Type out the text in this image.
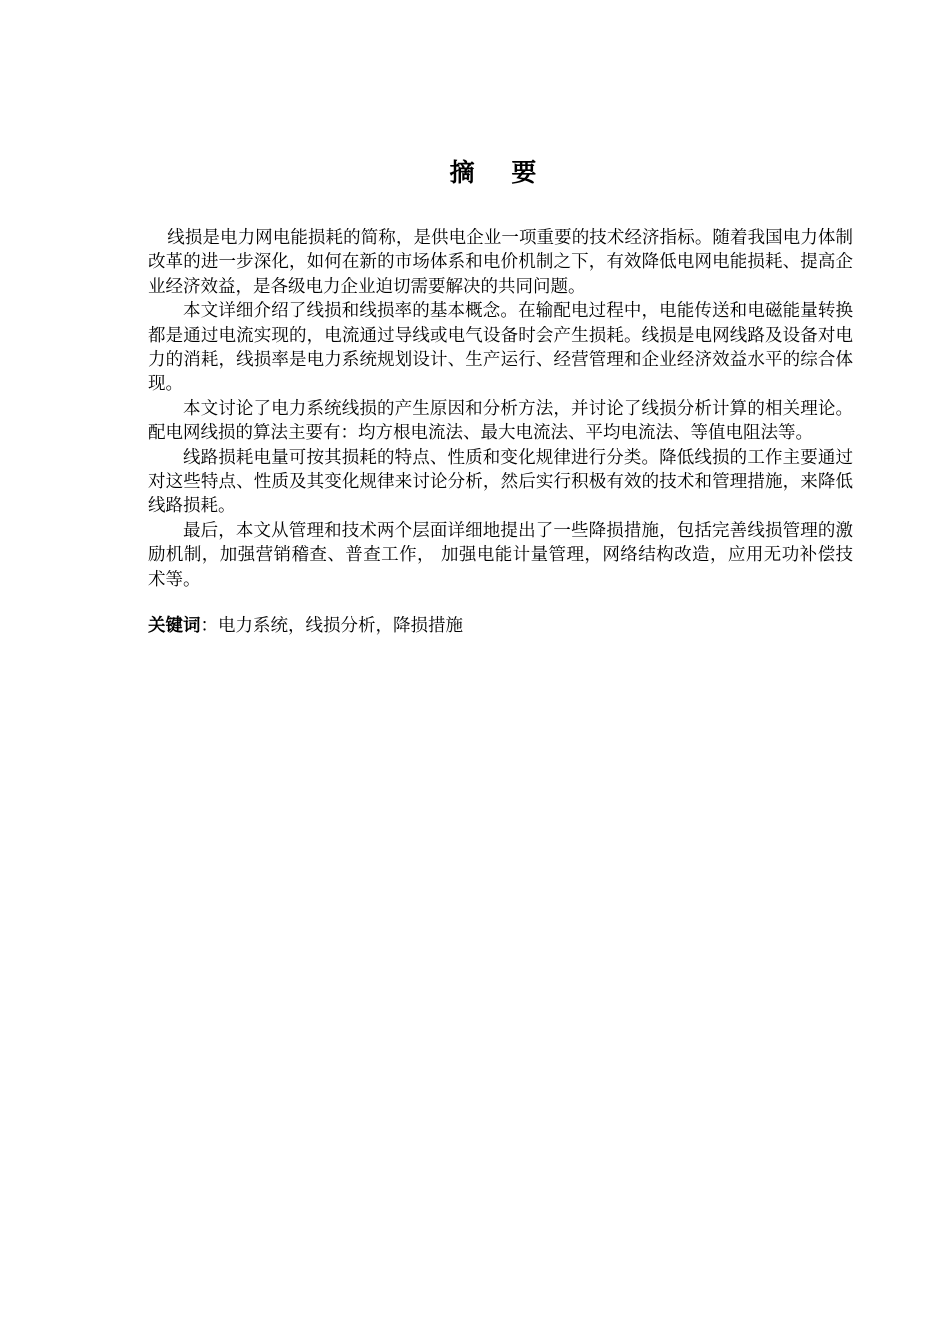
摘 要

线损是电力网电能损耗的简称，是供电企业一项重要的技术经济指标。随着我国电力体制改革的进一步深化，如何在新的市场体系和电价机制之下，有效降低电网电能损耗、提高企业经济效益，是各级电力企业迫切需要解决的共同问题。

本文详细介绍了线损和线损率的基本概念。在输配电过程中，电能传送和电磁能量转换都是通过电流实现的，电流通过导线或电气设备时会产生损耗。线损是电网线路及设备对电力的消耗，线损率是电力系统规划设计、生产运行、经营管理和企业经济效益水平的综合体现。

本文讨论了电力系统线损的产生原因和分析方法，并讨论了线损分析计算的相关理论。配电网线损的算法主要有：均方根电流法、最大电流法、平均电流法、等值电阻法等。

线路损耗电量可按其损耗的特点、性质和变化规律进行分类。降低线损的工作主要通过对这些特点、性质及其变化规律来讨论分析，然后实行积极有效的技术和管理措施，来降低线路损耗。

最后，本文从管理和技术两个层面详细地提出了一些降损措施，包括完善线损管理的激励机制，加强营销稽查、普查工作， 加强电能计量管理，网络结构改造，应用无功补偿技术等。

关键词：电力系统，线损分析，降损措施
